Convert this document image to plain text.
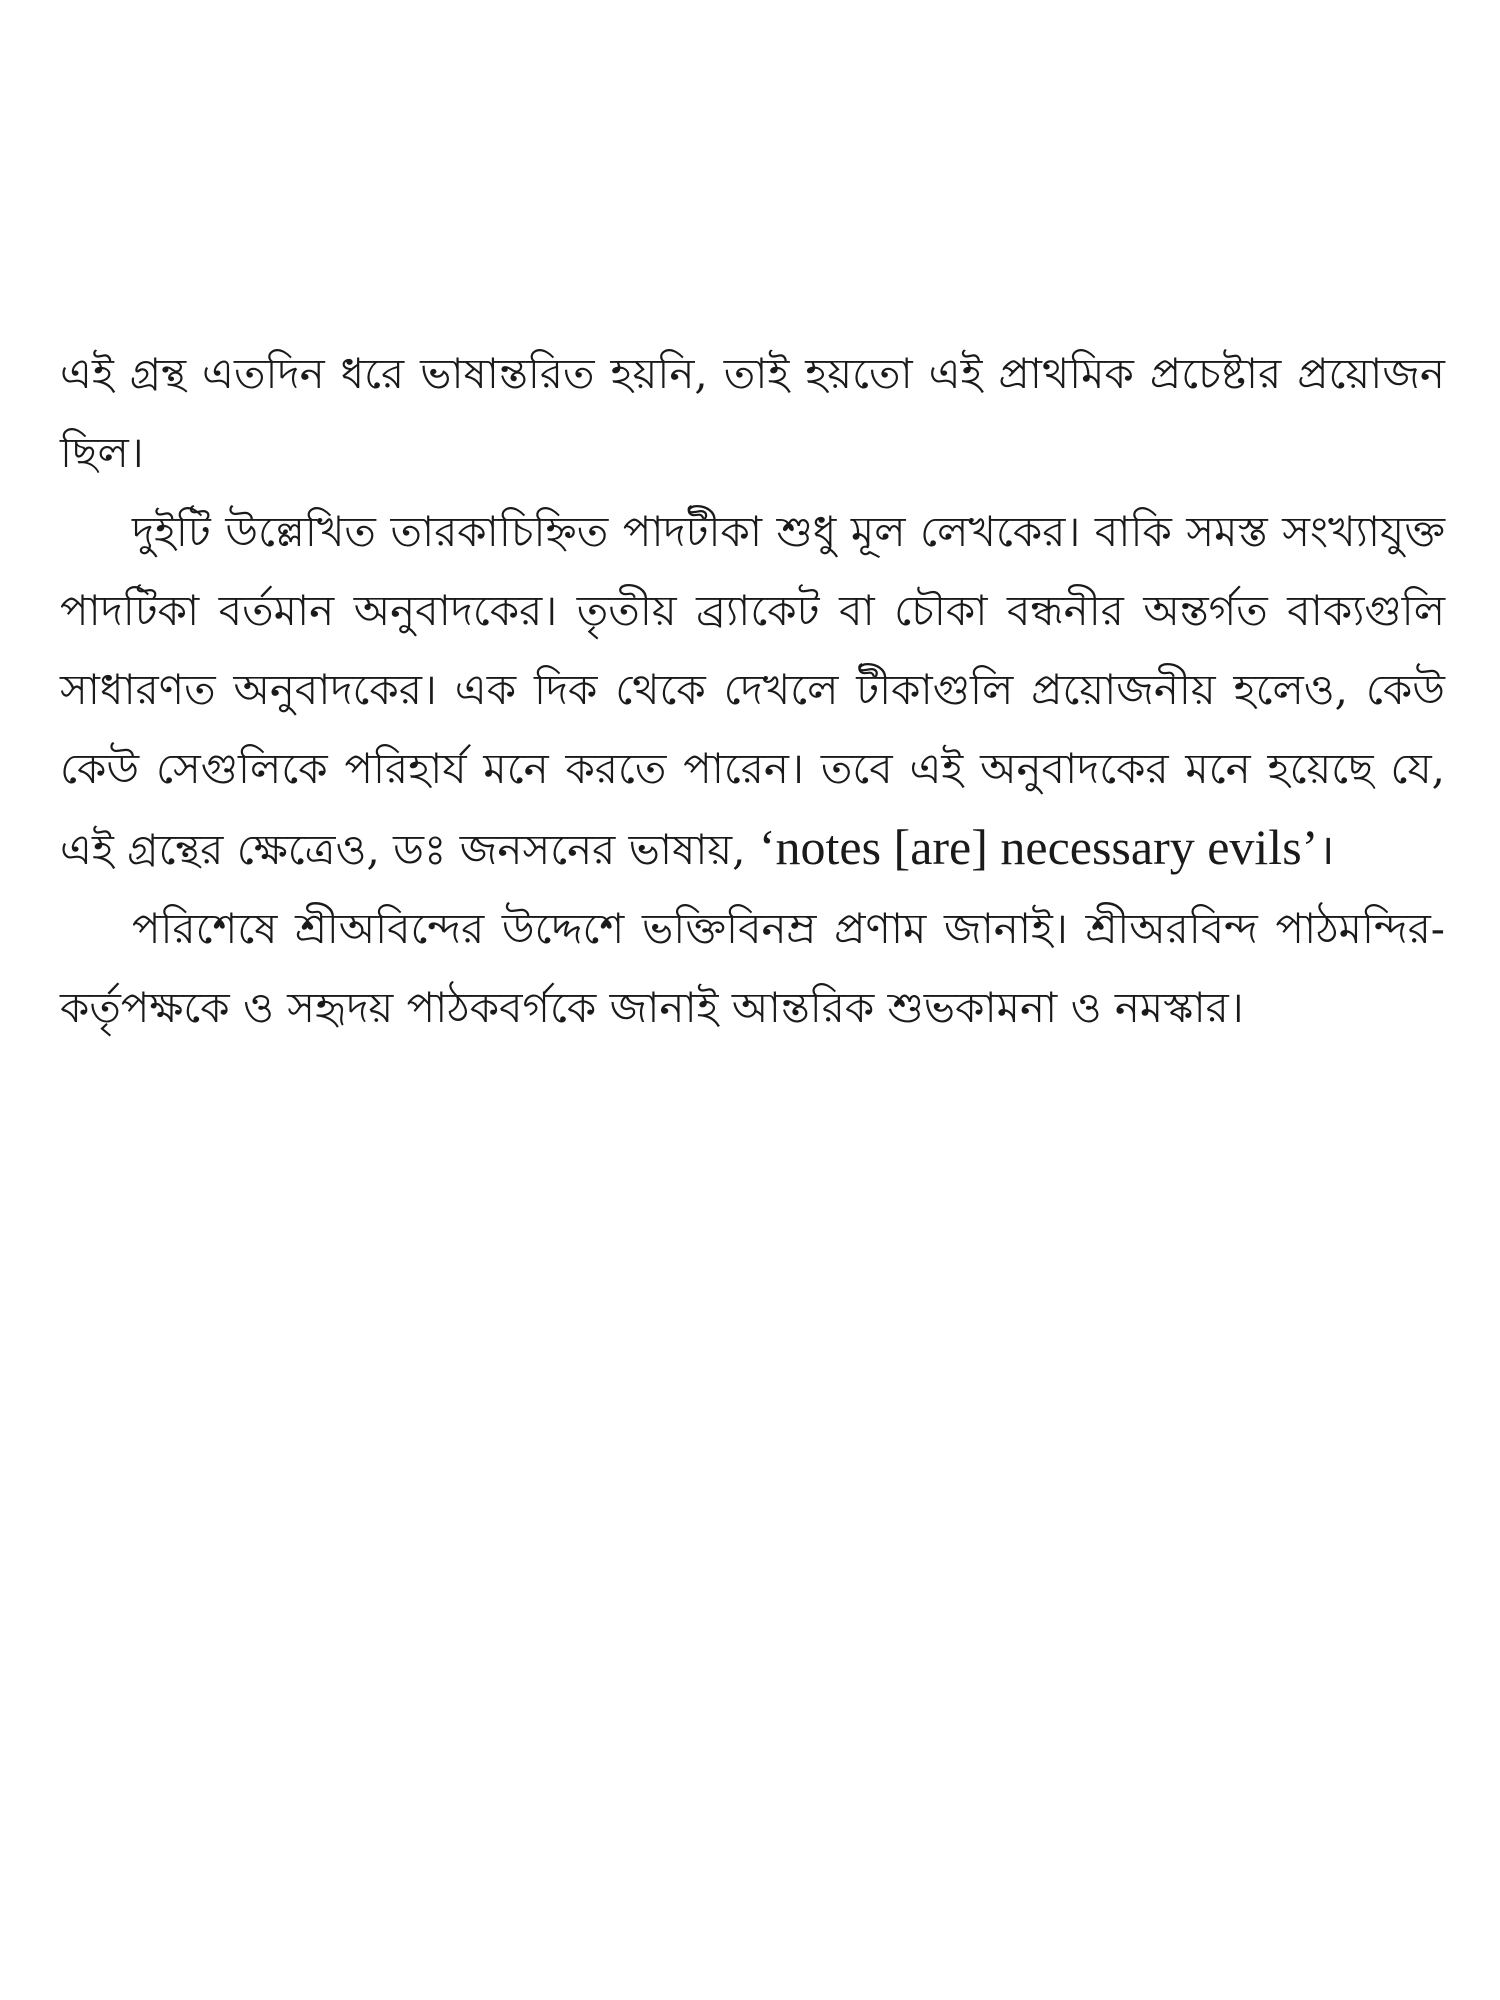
এই গ্রন্থ এতদিন ধরে ভাষান্তরিত হয়নি, তাই হয়তো এই প্রাথমিক প্রচেষ্টার প্রয়োজন ছিল।

দুইটি উল্লেখিত তারকাচিহ্নিত পাদটীকা শুধু মূল লেখকের। বাকি সমস্ত সংখ্যাযুক্ত পাদটিকা বর্তমান অনুবাদকের। তৃতীয় ব্র্যাকেট বা চৌকা বন্ধনীর অন্তর্গত বাক্যগুলি সাধারণত অনুবাদকের। এক দিক থেকে দেখলে টীকাগুলি প্রয়োজনীয় হলেও, কেউ কেউ সেগুলিকে পরিহার্য মনে করতে পারেন। তবে এই অনুবাদকের মনে হয়েছে যে, এই গ্রন্থের ক্ষেত্রেও, ডঃ জনসনের ভাষায়, ‘notes [are] necessary evils’।

পরিশেষে শ্রীঅবিন্দের উদ্দেশে ভক্তিবিনম্র প্রণাম জানাই। শ্রীঅরবিন্দ পাঠমন্দির-কর্তৃপক্ষকে ও সহৃদয় পাঠকবর্গকে জানাই আন্তরিক শুভকামনা ও নমস্কার।
